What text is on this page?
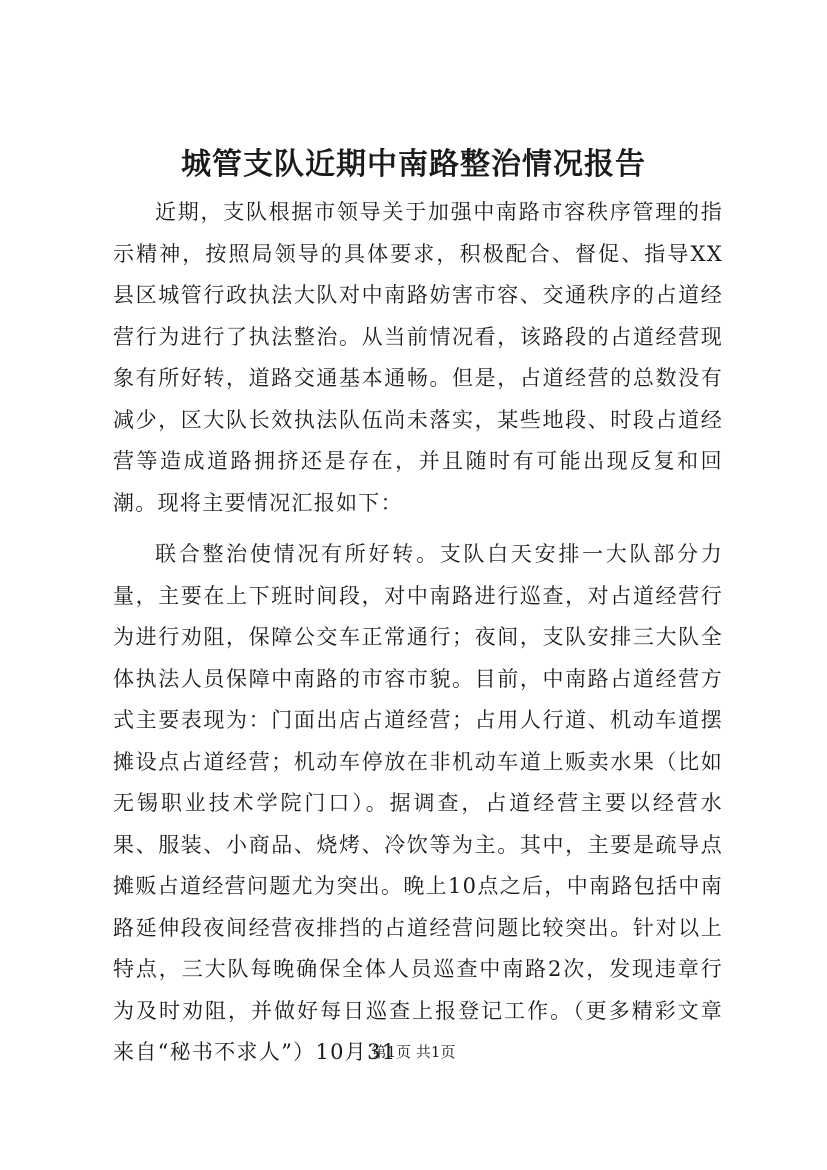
城管支队近期中南路整治情况报告

近期，支队根据市领导关于加强中南路市容秩序管理的指示精神，按照局领导的具体要求，积极配合、督促、指导XX县区城管行政执法大队对中南路妨害市容、交通秩序的占道经营行为进行了执法整治。从当前情况看，该路段的占道经营现象有所好转，道路交通基本通畅。但是，占道经营的总数没有减少，区大队长效执法队伍尚未落实，某些地段、时段占道经营等造成道路拥挤还是存在，并且随时有可能出现反复和回潮。现将主要情况汇报如下：

联合整治使情况有所好转。支队白天安排一大队部分力量，主要在上下班时间段，对中南路进行巡查，对占道经营行为进行劝阻，保障公交车正常通行；夜间，支队安排三大队全体执法人员保障中南路的市容市貌。目前，中南路占道经营方式主要表现为：门面出店占道经营；占用人行道、机动车道摆摊设点占道经营；机动车停放在非机动车道上贩卖水果（比如无锡职业技术学院门口）。据调查，占道经营主要以经营水果、服装、小商品、烧烤、冷饮等为主。其中，主要是疏导点摊贩占道经营问题尤为突出。晚上10点之后，中南路包括中南路延伸段夜间经营夜排挡的占道经营问题比较突出。针对以上特点，三大队每晚确保全体人员巡查中南路2次，发现违章行为及时劝阻，并做好每日巡查上报登记工作。（更多精彩文章来自“秘书不求人”）10月31

第1页 共1页
